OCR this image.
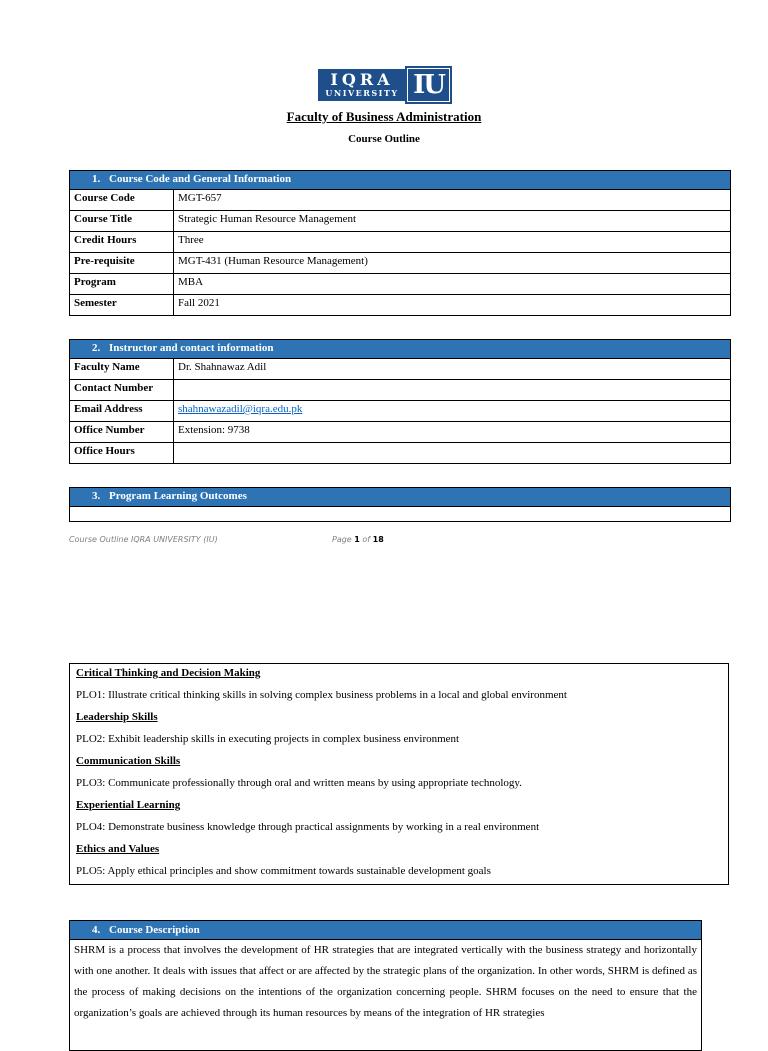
IQRA
UNIVERSITY IU
Faculty of Business Administration
Course Outline
1. Course Code and General Information	
Course Code	MGT-657
Course Title	Strategic Human Resource Management
Credit Hours	Three
Pre-requisite	MGT-431 (Human Resource Management)
Program	MBA
Semester	Fall 2021
2. Instructor and contact information	
Faculty Name	Dr. Shahnawaz Adil
Contact Number	
Email Address	shahnawazadil@iqra.edu.pk
Office Number	Extension: 9738
Office Hours	
3. Program Learning Outcomes

Course Outline IQRA UNIVERSITY (IU)	Page 1 of 18
Critical Thinking and Decision Making
PLO1: Illustrate critical thinking skills in solving complex business problems in a local and global environment
Leadership Skills
PLO2: Exhibit leadership skills in executing projects in complex business environment
Communication Skills
PLO3: Communicate professionally through oral and written means by using appropriate technology.
Experiential Learning
PLO4: Demonstrate business knowledge through practical assignments by working in a real environment
Ethics and Values
PLO5: Apply ethical principles and show commitment towards sustainable development goals
4. Course Description

SHRM is a process that involves the development of HR strategies that are integrated vertically with the business strategy and horizontally with one another. It deals with issues that affect or are affected by the strategic plans of the organization. In other words, SHRM is defined as the process of making decisions on the intentions of the organization concerning people. SHRM focuses on the need to ensure that the organization’s goals are achieved through its human resources by means of the integration of HR strategies
